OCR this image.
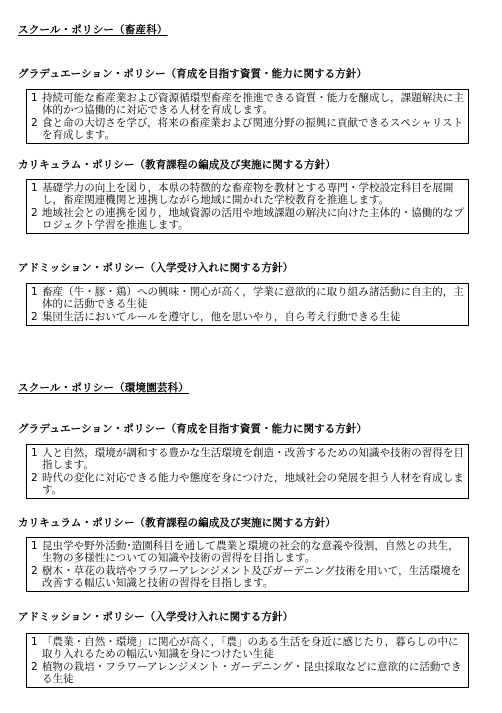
スクール・ポリシー（畜産科）
グラデュエーション・ポリシー（育成を目指す資質・能力に関する方針）

1 持続可能な畜産業および資源循環型畜産を推進できる資質・能力を醸成し，課題解決に主体的かつ協働的に対応できる人材を育成します。

2 食と命の大切さを学び，将来の畜産業および関連分野の振興に貢献できるスペシャリストを育成します。

カリキュラム・ポリシー（教育課程の編成及び実施に関する方針）

1 基礎学力の向上を図り，本県の特徴的な畜産物を教材とする専門・学校設定科目を展開し，畜産関連機関と連携しながら地域に開かれた学校教育を推進します。

2 地域社会との連携を図り，地域資源の活用や地域課題の解決に向けた主体的・協働的なプロジェクト学習を推進します。

アドミッション・ポリシー（入学受け入れに関する方針）

1 畜産（牛・豚・鶏）への興味・関心が高く，学業に意欲的に取り組み諸活動に自主的，主体的に活動できる生徒

2 集団生活においてルールを遵守し，他を思いやり，自ら考え行動できる生徒

スクール・ポリシー（環境園芸科）
グラデュエーション・ポリシー（育成を目指す資質・能力に関する方針）

1 人と自然，環境が調和する豊かな生活環境を創造・改善するための知識や技術の習得を目指します。

2 時代の変化に対応できる能力や態度を身につけた，地域社会の発展を担う人材を育成します。

カリキュラム・ポリシー（教育課程の編成及び実施に関する方針）

1 昆虫学や野外活動･造園科目を通して農業と環境の社会的な意義や役割，自然との共生，生物の多様性についての知識や技術の習得を目指します。

2 樹木・草花の栽培やフラワーアレンジメント及びガーデニング技術を用いて，生活環境を改善する幅広い知識と技術の習得を目指します。

アドミッション・ポリシー（入学受け入れに関する方針）

1 「農業・自然・環境」に関心が高く，「農」のある生活を身近に感じたり，暮らしの中に取り入れるための幅広い知識を身につけたい生徒

2 植物の栽培・フラワーアレンジメント・ガーデニング・昆虫採取などに意欲的に活動できる生徒
